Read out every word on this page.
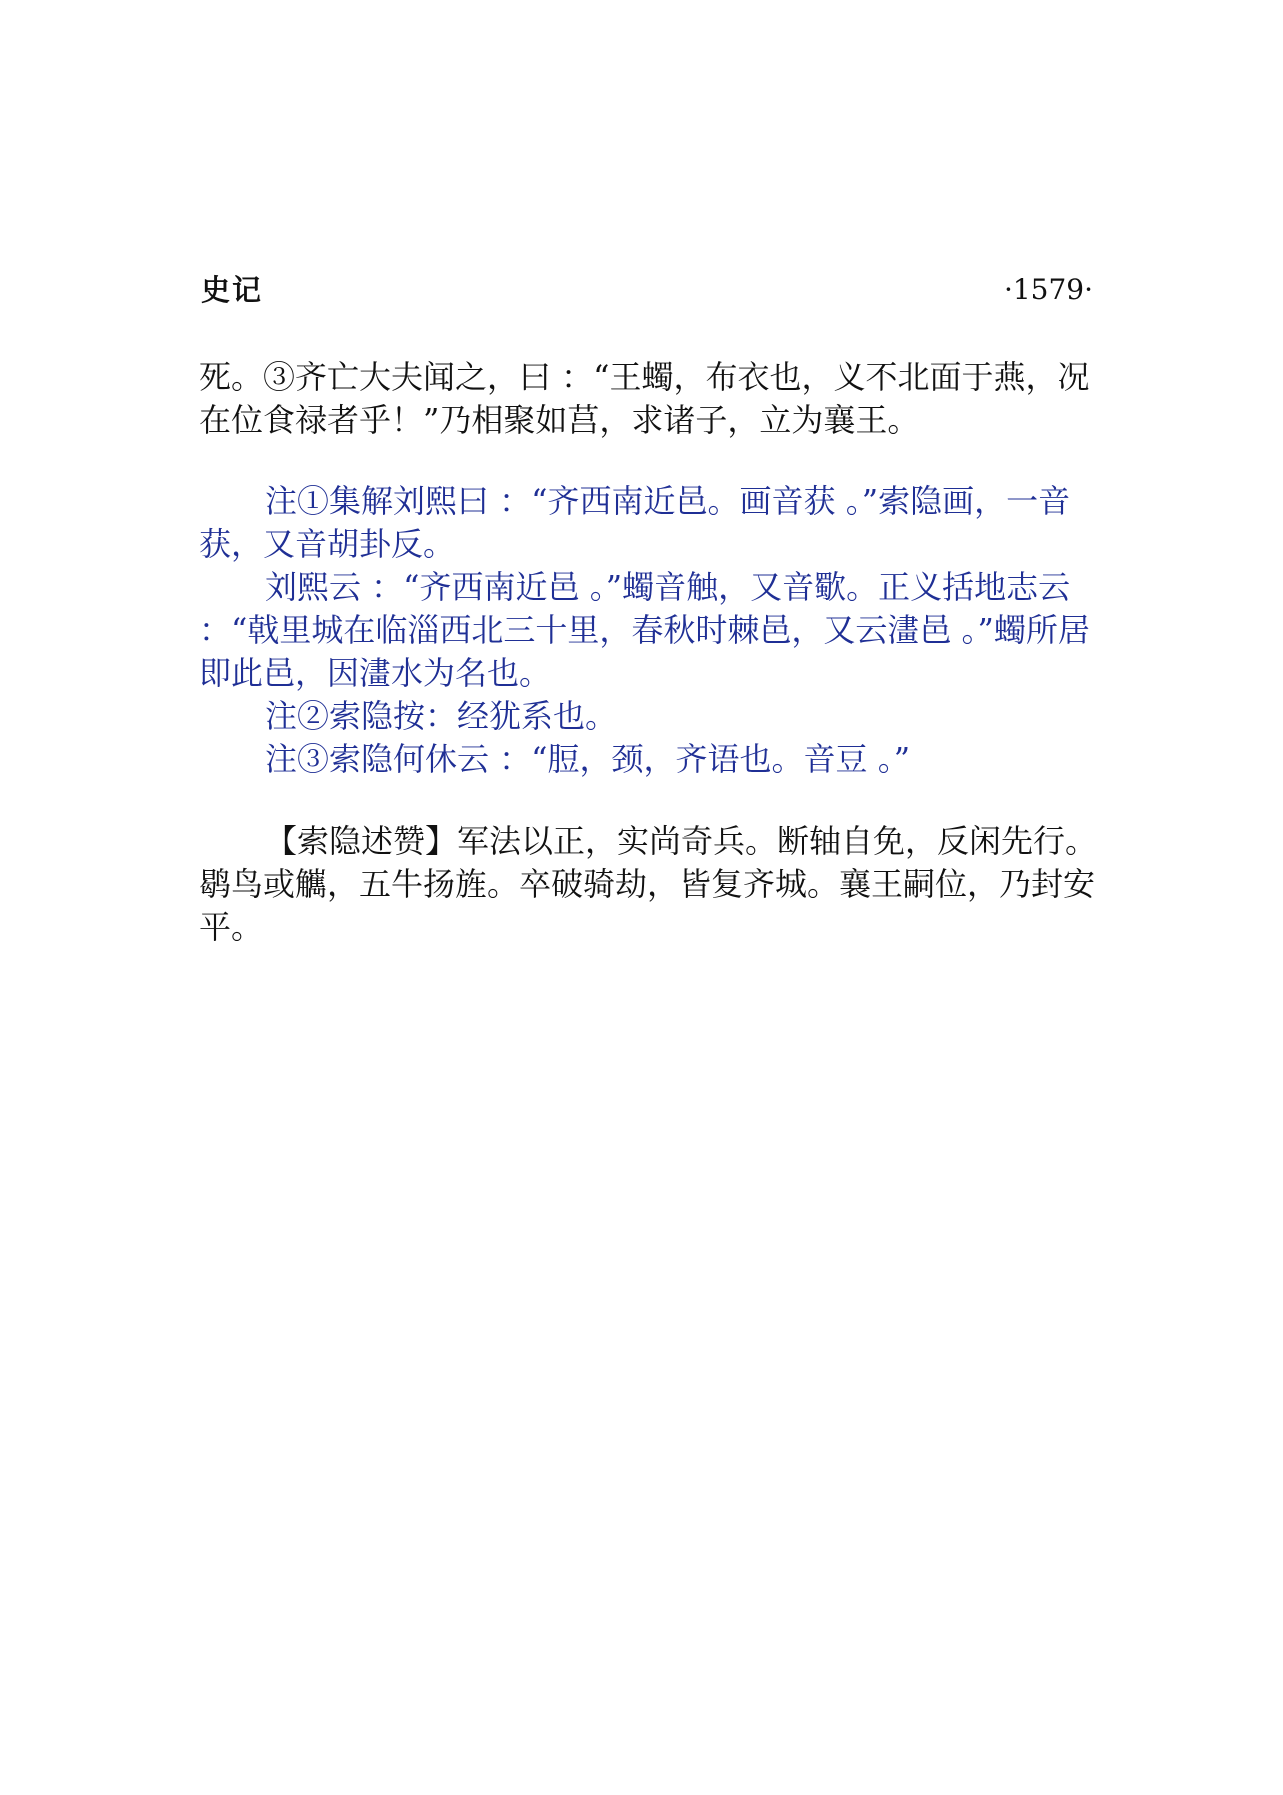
史记	·1579·

死。③齐亡大夫闻之，曰 ：“王蠋，布衣也，义不北面于燕，况在位食禄者乎！”乃相聚如莒，求诸子，立为襄王。

注①集解刘熙曰 ：“齐西南近邑。画音获 。”索隐画，一音获，又音胡卦反。

刘熙云 ：“齐西南近邑 。”蠋音触，又音歜。正义括地志云 ：“戟里城在临淄西北三十里，春秋时棘邑，又云澅邑 。”蠋所居即此邑，因澅水为名也。

注②索隐按：经犹系也。

注③索隐何休云 ：“脰，颈，齐语也。音豆 。”

【索隐述赞】军法以正，实尚奇兵。断轴自免，反闲先行。鹖鸟或觽，五牛扬旌。卒破骑劫，皆复齐城。襄王嗣位，乃封安平。
